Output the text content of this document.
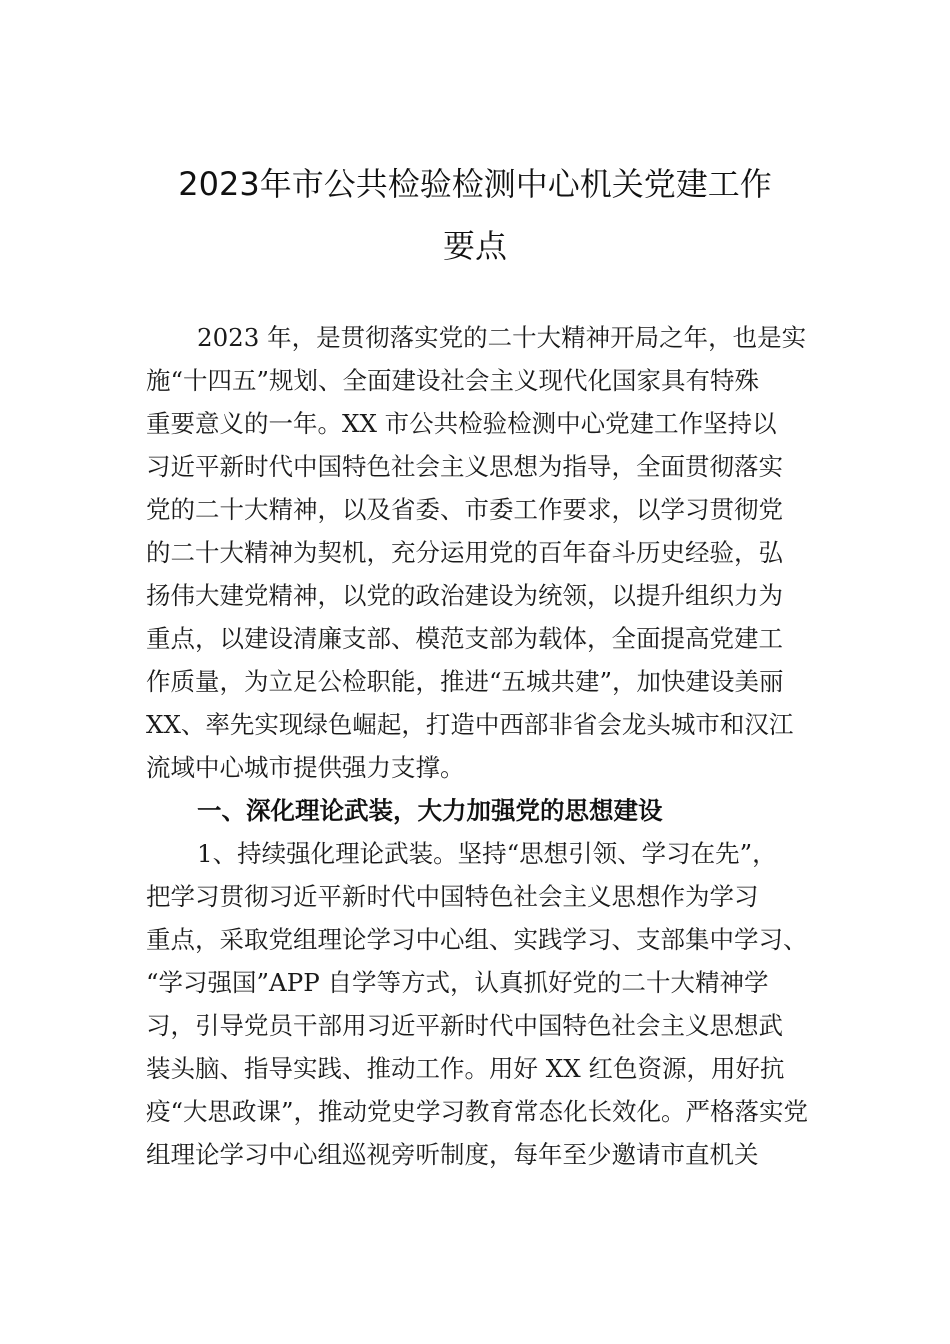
2023年市公共检验检测中心机关党建工作
要点
2023 年，是贯彻落实党的二十大精神开局之年，也是实
施“十四五”规划、全面建设社会主义现代化国家具有特殊
重要意义的一年。XX 市公共检验检测中心党建工作坚持以
习近平新时代中国特色社会主义思想为指导，全面贯彻落实
党的二十大精神，以及省委、市委工作要求，以学习贯彻党
的二十大精神为契机，充分运用党的百年奋斗历史经验，弘
扬伟大建党精神，以党的政治建设为统领，以提升组织力为
重点，以建设清廉支部、模范支部为载体，全面提高党建工
作质量，为立足公检职能，推进“五城共建”，加快建设美丽
XX、率先实现绿色崛起，打造中西部非省会龙头城市和汉江
流域中心城市提供强力支撑。
一、深化理论武装，大力加强党的思想建设
1、持续强化理论武装。坚持“思想引领、学习在先”，
把学习贯彻习近平新时代中国特色社会主义思想作为学习
重点，采取党组理论学习中心组、实践学习、支部集中学习、
“学习强国”APP 自学等方式，认真抓好党的二十大精神学
习，引导党员干部用习近平新时代中国特色社会主义思想武
装头脑、指导实践、推动工作。用好 XX 红色资源，用好抗
疫“大思政课”，推动党史学习教育常态化长效化。严格落实党
组理论学习中心组巡视旁听制度，每年至少邀请市直机关
